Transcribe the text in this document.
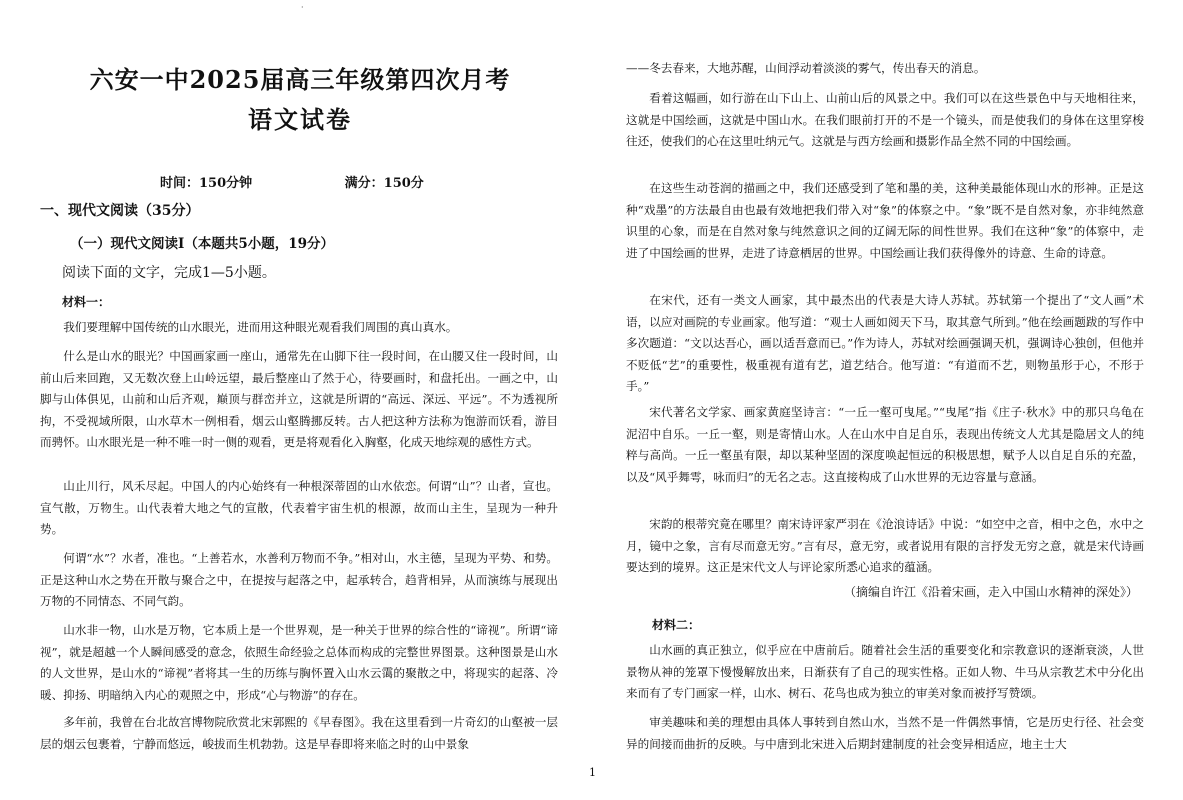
·
六安一中2025届高三年级第四次月考
语文试卷
时间：150分钟	满分：150分
一、现代文阅读（35分）
（一）现代文阅读Ⅰ（本题共5小题，19分）
阅读下面的文字，完成1—5小题。
材料一：

我们要理解中国传统的山水眼光，进而用这种眼光观看我们周围的真山真水。

什么是山水的眼光？中国画家画一座山，通常先在山脚下往一段时间，在山腰又住一段时间，山前山后来回跑，又无数次登上山岭远望，最后整座山了然于心，待要画时，和盘托出。一画之中，山脚与山体俱见，山前和山后齐观，巅顶与群峦并立，这就是所谓的“高远、深远、平远”。不为透视所拘，不受视域所限，山水草木一例相看，烟云山壑腾挪反转。古人把这种方法称为饱游而饫看，游目而骋怀。山水眼光是一种不唯一时一侧的观看，更是将观看化入胸壑，化成天地综观的感性方式。

山止川行，风禾尽起。中国人的内心始终有一种根深蒂固的山水依恋。何谓“山”？山者，宣也。宣气散，万物生。山代表着大地之气的宣散，代表着宇宙生机的根源，故而山主生，呈现为一种升势。

何谓“水”？水者，准也。“上善若水，水善利万物而不争。”相对山，水主德，呈现为平势、和势。正是这种山水之势在开散与聚合之中，在提按与起落之中，起承转合，趋背相异，从而演练与展现出万物的不同情态、不同气韵。

山水非一物，山水是万物，它本质上是一个世界观，是一种关于世界的综合性的“谛视”。所谓“谛视”，就是超越一个人瞬间感受的意念，依照生命经验之总体而构成的完整世界图景。这种图景是山水的人文世界，是山水的“谛视”者将其一生的历练与胸怀置入山水云霭的聚散之中，将现实的起落、冷暖、抑扬、明暗纳入内心的观照之中，形成“心与物游”的存在。

多年前，我曾在台北故宫博物院欣赏北宋郭熙的《早春图》。我在这里看到一片奇幻的山壑被一层层的烟云包裹着，宁静而悠远，峻拔而生机勃勃。这是早春即将来临之时的山中景象

——冬去春来，大地苏醒，山间浮动着淡淡的雾气，传出春天的消息。

看着这幅画，如行游在山下山上、山前山后的风景之中。我们可以在这些景色中与天地相往来，这就是中国绘画，这就是中国山水。在我们眼前打开的不是一个镜头，而是使我们的身体在这里穿梭往还，使我们的心在这里吐纳元气。这就是与西方绘画和摄影作品全然不同的中国绘画。

在这些生动苍润的描画之中，我们还感受到了笔和墨的美，这种美最能体现山水的形神。正是这种“戏墨”的方法最自由也最有效地把我们带入对“象”的体察之中。“象”既不是自然对象，亦非纯然意识里的心象，而是在自然对象与纯然意识之间的辽阔无际的间性世界。我们在这种“象”的体察中，走进了中国绘画的世界，走进了诗意栖居的世界。中国绘画让我们获得像外的诗意、生命的诗意。

在宋代，还有一类文人画家，其中最杰出的代表是大诗人苏轼。苏轼第一个提出了“文人画”术语，以应对画院的专业画家。他写道：“观士人画如阅天下马，取其意气所到。”他在绘画题跋的写作中多次题道：“文以达吾心，画以适吾意而已。”作为诗人，苏轼对绘画强调天机，强调诗心独创，但他并不贬低“艺”的重要性，极重视有道有艺，道艺结合。他写道：“有道而不艺，则物虽形于心，不形于手。”

宋代著名文学家、画家黄庭坚诗言：“一丘一壑可曳尾。”“曳尾”指《庄子·秋水》中的那只乌龟在泥沼中自乐。一丘一壑，则是寄情山水。人在山水中自足自乐，表现出传统文人尤其是隐居文人的纯粹与高尚。一丘一壑虽有限，却以某种坚固的深度唤起恒远的积极思想，赋予人以自足自乐的充盈，以及“风乎舞雩，咏而归”的无名之志。这直接构成了山水世界的无边容量与意涵。

宋韵的根蒂究竟在哪里？南宋诗评家严羽在《沧浪诗话》中说：“如空中之音，相中之色，水中之月，镜中之象，言有尽而意无穷。”言有尽，意无穷，或者说用有限的言抒发无穷之意，就是宋代诗画要达到的境界。这正是宋代文人与评论家所悉心追求的蕴涵。

（摘编自许江《沿着宋画，走入中国山水精神的深处》）
材料二：

山水画的真正独立，似乎应在中唐前后。随着社会生活的重要变化和宗教意识的逐渐衰淡，人世景物从神的笼罩下慢慢解放出来，日渐获有了自己的现实性格。正如人物、牛马从宗教艺术中分化出来而有了专门画家一样，山水、树石、花鸟也成为独立的审美对象而被抒写赞颂。

审美趣味和美的理想由具体人事转到自然山水，当然不是一件偶然事情，它是历史行径、社会变异的间接而曲折的反映。与中唐到北宋进入后期封建制度的社会变异相适应，地主士大

1
